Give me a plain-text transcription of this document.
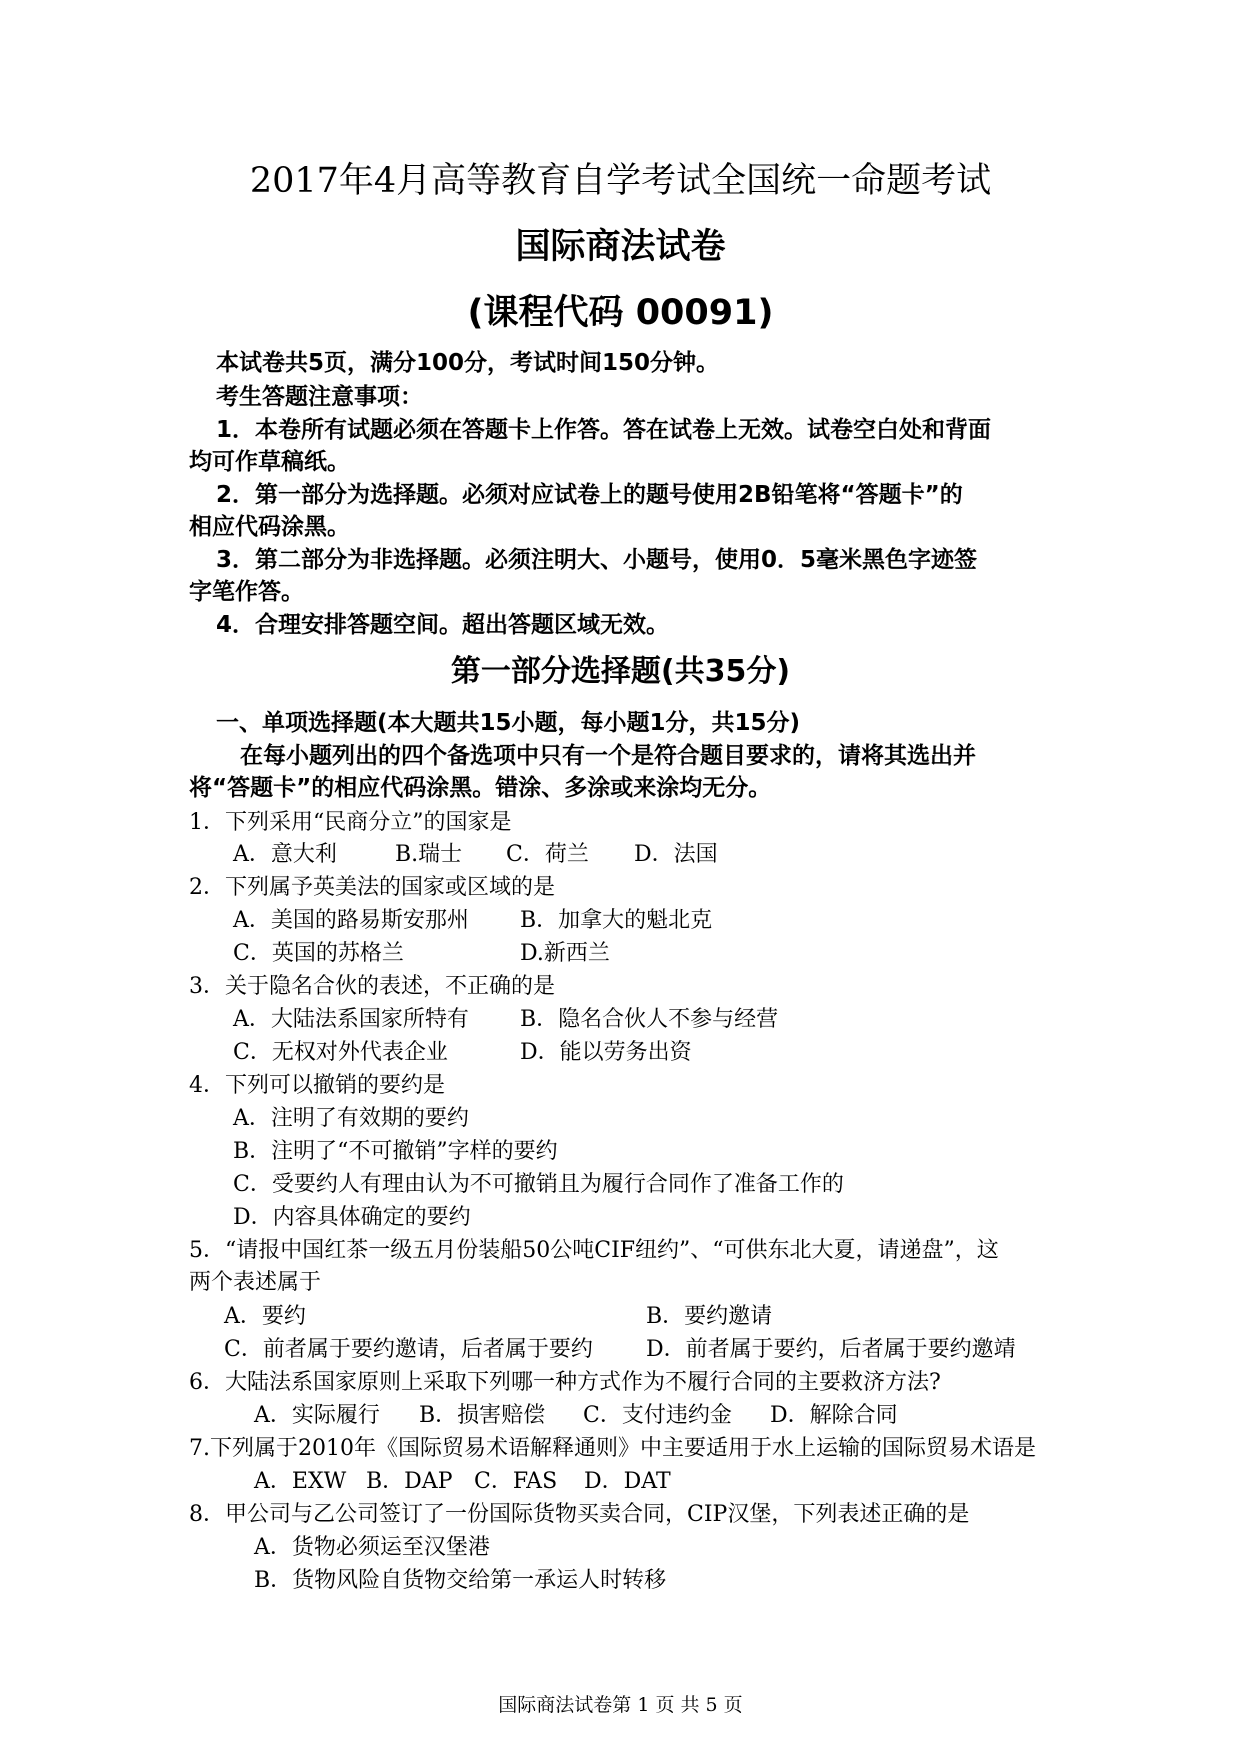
2017年4月高等教育自学考试全国统一命题考试
国际商法试卷
(课程代码 00091)
本试卷共5页，满分100分，考试时间150分钟。
考生答题注意事项：
1．本卷所有试题必须在答题卡上作答。答在试卷上无效。试卷空白处和背面
均可作草稿纸。
2．第一部分为选择题。必须对应试卷上的题号使用2B铅笔将“答题卡”的
相应代码涂黑。
3．第二部分为非选择题。必须注明大、小题号，使用0．5毫米黑色字迹签
字笔作答。
4．合理安排答题空间。超出答题区域无效。
第一部分选择题(共35分)
一、单项选择题(本大题共15小题，每小题1分，共15分)
在每小题列出的四个备选项中只有一个是符合题目要求的，请将其选出并
将“答题卡”的相应代码涂黑。错涂、多涂或来涂均无分。
1．下列采用“民商分立”的国家是
A．意大利	B.瑞士 C．荷兰 D．法国
2．下列属予英美法的国家或区域的是
A．美国的路易斯安那州 B．加拿大的魁北克
C．英国的苏格兰	D.新西兰
3．关于隐名合伙的表述，不正确的是
A．大陆法系国家所特有 B．隐名合伙人不参与经营
C．无权对外代表企业	D．能以劳务出资
4．下列可以撤销的要约是
A．注明了有效期的要约
B．注明了“不可撤销”字样的要约
C．受要约人有理由认为不可撤销且为履行合同作了准备工作的
D．内容具体确定的要约
5．“请报中国红茶一级五月份装船50公吨CIF纽约”、“可供东北大夏，请递盘”，这
两个表述属于
A．要约	B．要约邀请
C．前者属于要约邀请，后者属于要约 D．前者属于要约，后者属于要约邀靖
6．大陆法系国家原则上采取下列哪一种方式作为不履行合同的主要救济方法?
A．实际履行 B．损害赔偿 C．支付违约金 D．解除合同
7.下列属于2010年《国际贸易术语解释通则》中主要适用于水上运输的国际贸易术语是
A．EXW B．DAP C．FAS D．DAT
8．甲公司与乙公司签订了一份国际货物买卖合同，CIP汉堡，下列表述正确的是
A．货物必须运至汉堡港
B．货物风险自货物交给第一承运人时转移
国际商法试卷第 1 页 共 5 页
